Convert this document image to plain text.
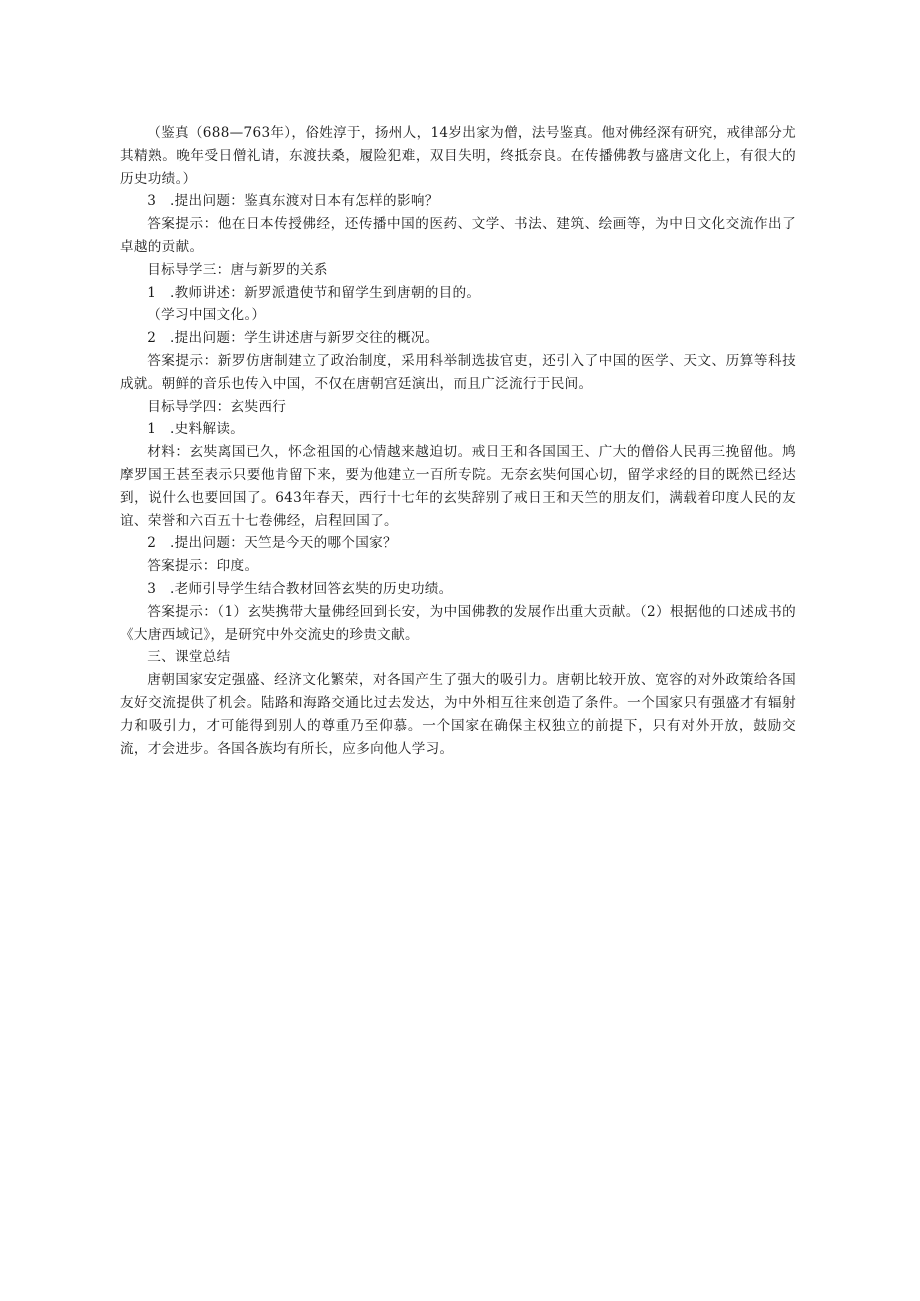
（鉴真（688—763年），俗姓淳于，扬州人，14岁出家为僧，法号鉴真。他对佛经深有研究，戒律部分尤其精熟。晚年受日僧礼请，东渡扶桑，履险犯难，双目失明，终抵奈良。在传播佛教与盛唐文化上，有很大的历史功绩。）

3　.提出问题：鉴真东渡对日本有怎样的影响？

答案提示：他在日本传授佛经，还传播中国的医药、文学、书法、建筑、绘画等，为中日文化交流作出了卓越的贡献。

目标导学三：唐与新罗的关系

1　.教师讲述：新罗派遣使节和留学生到唐朝的目的。

（学习中国文化。）

2　.提出问题：学生讲述唐与新罗交往的概况。

答案提示：新罗仿唐制建立了政治制度，采用科举制选拔官吏，还引入了中国的医学、天文、历算等科技成就。朝鲜的音乐也传入中国，不仅在唐朝宫廷演出，而且广泛流行于民间。

目标导学四：玄奘西行

1　.史料解读。

材料：玄奘离国已久，怀念祖国的心情越来越迫切。戒日王和各国国王、广大的僧俗人民再三挽留他。鸠摩罗国王甚至表示只要他肯留下来，要为他建立一百所专院。无奈玄奘何国心切，留学求经的目的既然已经达到，说什么也要回国了。643年春天，西行十七年的玄奘辞别了戒日王和天竺的朋友们，满载着印度人民的友谊、荣誉和六百五十七卷佛经，启程回国了。

2　.提出问题：天竺是今天的哪个国家？

答案提示：印度。

3　.老师引导学生结合教材回答玄奘的历史功绩。

答案提示：（1）玄奘携带大量佛经回到长安，为中国佛教的发展作出重大贡献。（2）根据他的口述成书的《大唐西域记》，是研究中外交流史的珍贵文献。

三、课堂总结

唐朝国家安定强盛、经济文化繁荣，对各国产生了强大的吸引力。唐朝比较开放、宽容的对外政策给各国友好交流提供了机会。陆路和海路交通比过去发达，为中外相互往来创造了条件。一个国家只有强盛才有辐射力和吸引力，才可能得到别人的尊重乃至仰慕。一个国家在确保主权独立的前提下，只有对外开放，鼓励交流，才会进步。各国各族均有所长，应多向他人学习。
